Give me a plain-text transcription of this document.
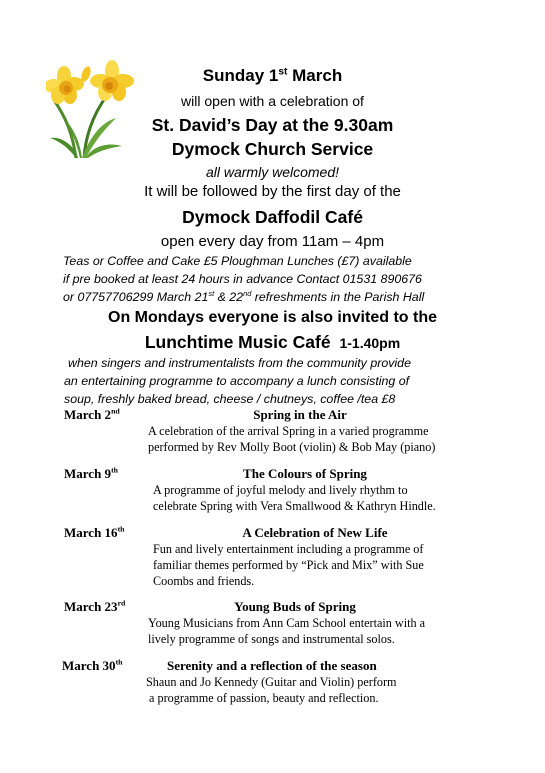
Sunday 1st March
will open with a celebration of
St. David’s Day at the 9.30am
Dymock Church Service
all warmly welcomed!
It will be followed by the first day of the
Dymock Daffodil Café
open every day from 11am – 4pm
Teas or Coffee and Cake £5 Ploughman Lunches (£7) available
if pre booked at least 24 hours in advance Contact 01531 890676
or 07757706299 March 21st & 22nd refreshments in the Parish Hall
On Mondays everyone is also invited to the
Lunchtime Music Café 1-1.40pm
when singers and instrumentalists from the community provide
an entertaining programme to accompany a lunch consisting of
soup, freshly baked bread, cheese / chutneys, coffee /tea £8
March 2nd	Spring in the Air
A celebration of the arrival Spring in a varied programme
performed by Rev Molly Boot (violin) & Bob May (piano)
March 9th	The Colours of Spring
A programme of joyful melody and lively rhythm to
celebrate Spring with Vera Smallwood & Kathryn Hindle.
March 16th	A Celebration of New Life
Fun and lively entertainment including a programme of
familiar themes performed by “Pick and Mix” with Sue
Coombs and friends.
March 23rd	Young Buds of Spring
Young Musicians from Ann Cam School entertain with a
lively programme of songs and instrumental solos.
March 30th	Serenity and a reflection of the season
Shaun and Jo Kennedy (Guitar and Violin) perform
a programme of passion, beauty and reflection.
